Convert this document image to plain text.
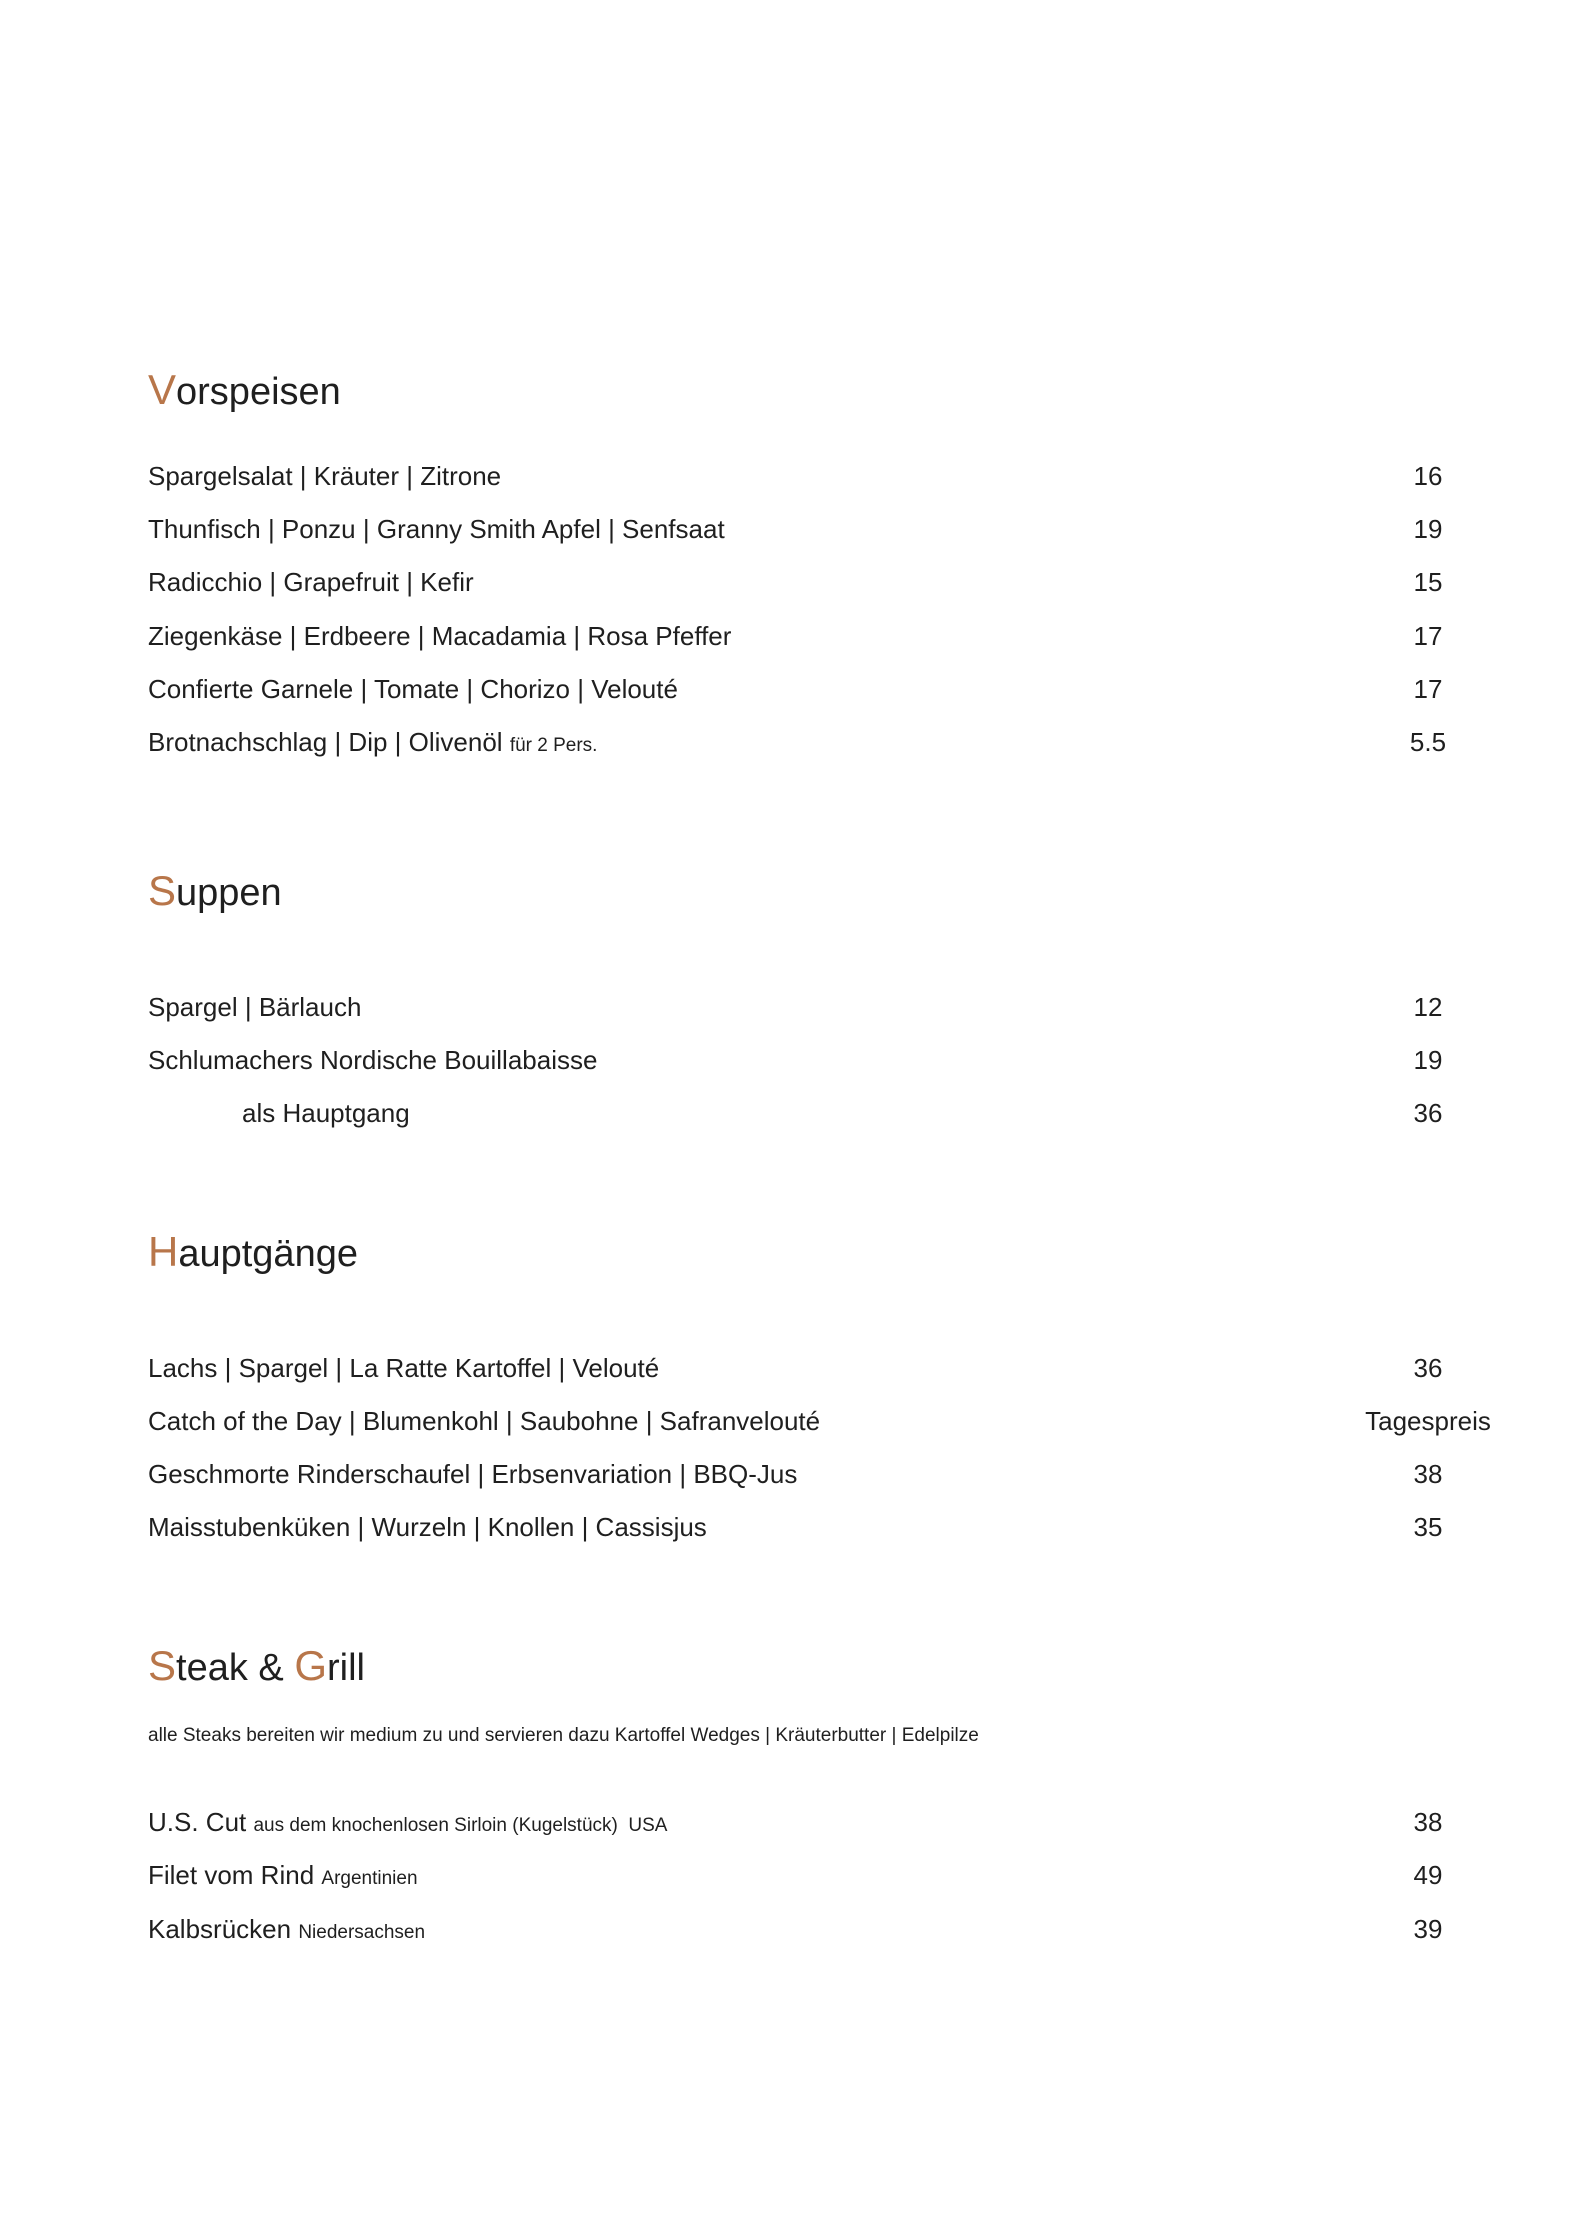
Vorspeisen
Spargelsalat | Kräuter | Zitrone	16
Thunfisch | Ponzu | Granny Smith Apfel | Senfsaat	19
Radicchio | Grapefruit | Kefir	15
Ziegenkäse | Erdbeere | Macadamia | Rosa Pfeffer	17
Confierte Garnele | Tomate | Chorizo | Velouté	17
Brotnachschlag | Dip | Olivenöl für 2 Pers.	5.5
Suppen
Spargel | Bärlauch	12
Schlumachers Nordische Bouillabaisse	19
als Hauptgang	36
Hauptgänge
Lachs | Spargel | La Ratte Kartoffel | Velouté	36
Catch of the Day | Blumenkohl | Saubohne | Safranvelouté	Tagespreis
Geschmorte Rinderschaufel | Erbsenvariation | BBQ-Jus	38
Maisstubenküken | Wurzeln | Knollen | Cassisjus	35
Steak & Grill
alle Steaks bereiten wir medium zu und servieren dazu Kartoffel Wedges | Kräuterbutter | Edelpilze
U.S. Cut aus dem knochenlosen Sirloin (Kugelstück)  USA	38
Filet vom Rind Argentinien	49
Kalbsrücken Niedersachsen	39
